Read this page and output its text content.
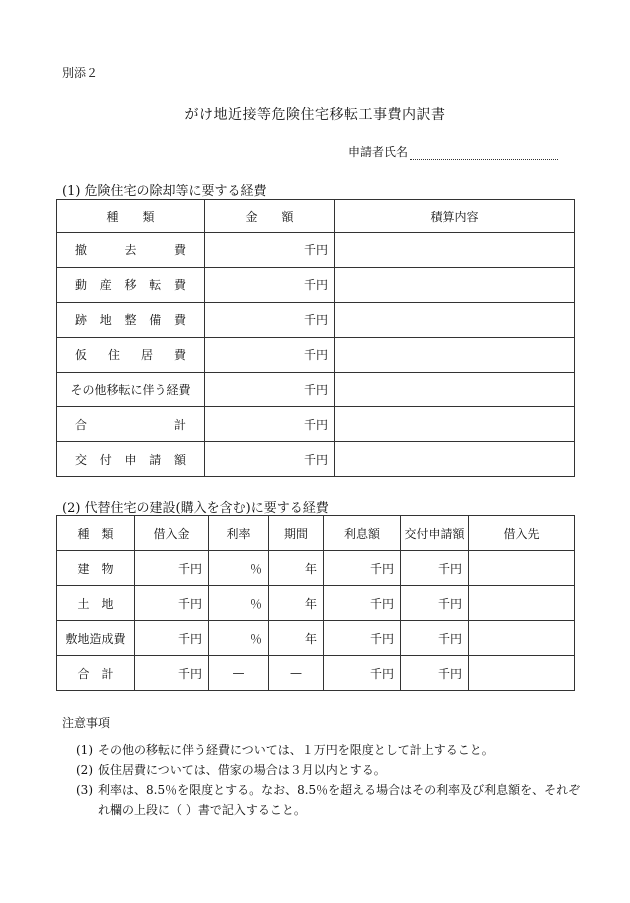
別添２
がけ地近接等危険住宅移転工事費内訳書
申請者氏名
(1) 危険住宅の除却等に要する経費
種　　類	金　　額	積算内容
撤去費	千円	
動産移転費	千円	
跡地整備費	千円	
仮住居費	千円	
その他移転に伴う経費	千円	
合計	千円	
交付申請額	千円	
(2) 代替住宅の建設(購入を含む)に要する経費
種　類	借入金	利率	期間	利息額	交付申請額	借入先
建　物	千円	％	年	千円	千円	
土　地	千円	％	年	千円	千円	
敷地造成費	千円	％	年	千円	千円	
合　計	千円	—	—	千円	千円	
注意事項
(1) その他の移転に伴う経費については、１万円を限度として計上すること。
(2) 仮住居費については、借家の場合は３月以内とする。
(3) 利率は、8.5％を限度とする。なお、8.5％を超える場合はその利率及び利息額を、それぞれ欄の上段に（ ）書で記入すること。
